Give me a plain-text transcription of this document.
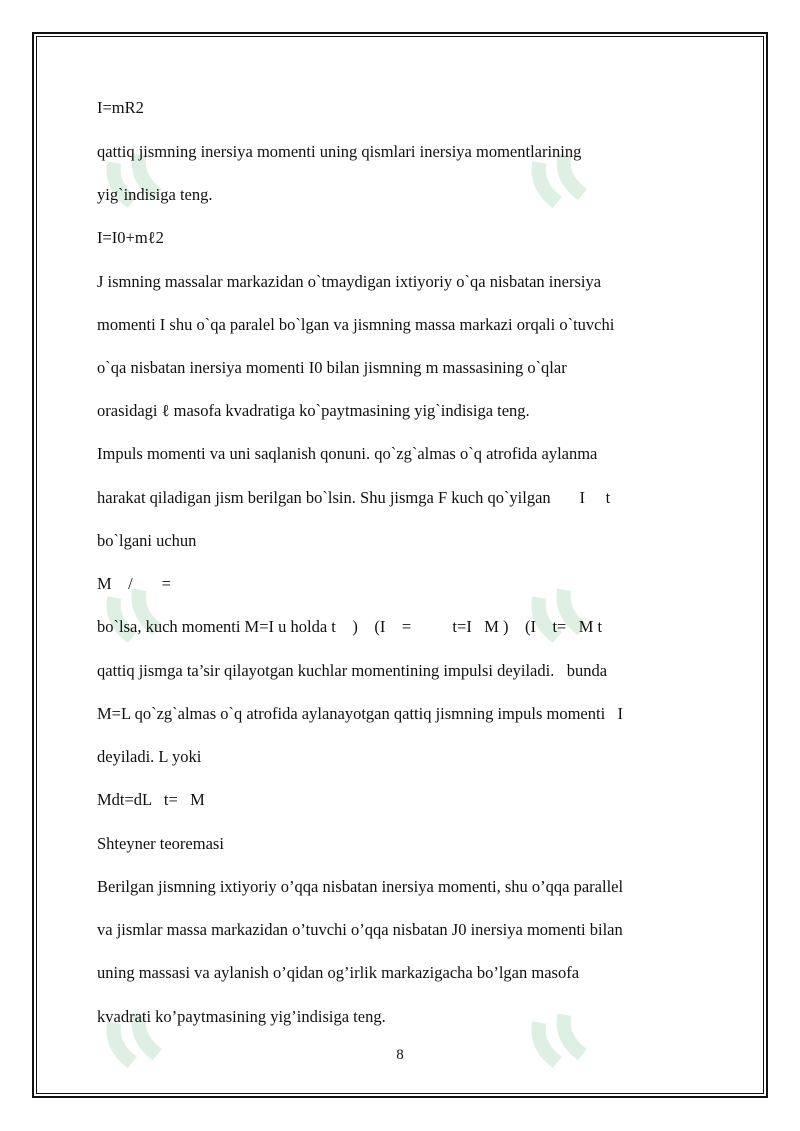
I=mR2

qattiq jismning inersiya momenti uning qismlari inersiya momentlarining

yig`indisiga teng.

I=I0+mℓ2

J ismning massalar markazidan o`tmaydigan ixtiyoriy o`qa nisbatan inersiya

momenti I shu o`qa paralel bo`lgan va jismning massa markazi orqali o`tuvchi

o`qa nisbatan inersiya momenti I0 bilan jismning m massasining o`qlar

orasidagi ℓ masofa kvadratiga ko`paytmasining yig`indisiga teng.

Impuls momenti va uni saqlanish qonuni. qo`zg`almas o`q atrofida aylanma

harakat qiladigan jism berilgan bo`lsin. Shu jismga F kuch qo`yilgan       I     t

bo`lgani uchun

M    /       =

bo`lsa, kuch momenti M=I u holda t    )    (I    =          t=I   M )    (I    t=   M t

qattiq jismga ta’sir qilayotgan kuchlar momentining impulsi deyiladi.   bunda

M=L qo`zg`almas o`q atrofida aylanayotgan qattiq jismning impuls momenti   I

deyiladi. L yoki

Mdt=dL   t=   M

Shteyner teoremasi

Berilgan jismning ixtiyoriy o’qqa nisbatan inersiya momenti, shu o’qqa parallel

va jismlar massa markazidan o’tuvchi o’qqa nisbatan J0 inersiya momenti bilan

uning massasi va aylanish o’qidan og’irlik markazigacha bo’lgan masofa

kvadrati ko’paytmasining yig’indisiga teng.

8
